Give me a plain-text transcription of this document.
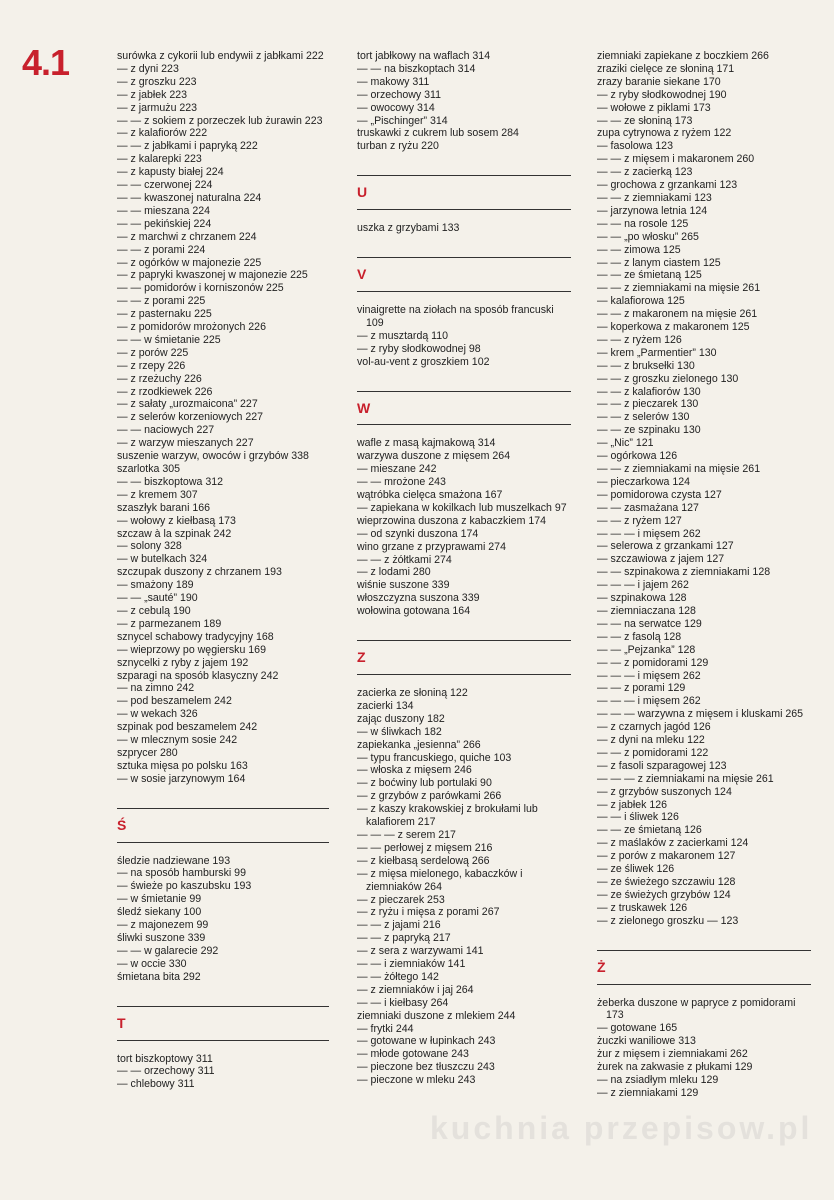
4.1	surówka z cykorii lub endywii z jabłkami 222
— z dyni 223
— z groszku 223
— z jabłek 223
— z jarmużu 223
— — z sokiem z porzeczek lub żurawin 223
— z kalafiorów 222
— — z jabłkami i papryką 222
— z kalarepki 223
— z kapusty białej 224
— — czerwonej 224
— — kwaszonej naturalna 224
— — mieszana 224
— — pekińskiej 224
— z marchwi z chrzanem 224
— — z porami 224
— z ogórków w majonezie 225
— z papryki kwaszonej w majonezie 225
— — pomidorów i korniszonów 225
— — z porami 225
— z pasternaku 225
— z pomidorów mrożonych 226
— — w śmietanie 225
— z porów 225
— z rzepy 226
— z rzeżuchy 226
— z rzodkiewek 226
— z sałaty „urozmaicona” 227
— z selerów korzeniowych 227
— — naciowych 227
— z warzyw mieszanych 227
suszenie warzyw, owoców i grzybów 338
szarlotka 305
— — biszkoptowa 312
— z kremem 307
szaszłyk barani 166
— wołowy z kiełbasą 173
szczaw à la szpinak 242
— solony 328
— w butelkach 324
szczupak duszony z chrzanem 193
— smażony 189
— — „sauté” 190
— z cebulą 190
— z parmezanem 189
sznycel schabowy tradycyjny 168
— wieprzowy po węgiersku 169
sznycelki z ryby z jajem 192
szparagi na sposób klasyczny 242
— na zimno 242
— pod beszamelem 242
— w wekach 326
szpinak pod beszamelem 242
— w mlecznym sosie 242
szprycer 280
sztuka mięsa po polsku 163
— w sosie jarzynowym 164
Ś
śledzie nadziewane 193
— na sposób hamburski 99
— świeże po kaszubsku 193
— w śmietanie 99
śledź siekany 100
— z majonezem 99
śliwki suszone 339
— — w galarecie 292
— w occie 330
śmietana bita 292
T
tort biszkoptowy 311
— — orzechowy 311
— chlebowy 311
tort jabłkowy na waflach 314
— — na biszkoptach 314
— makowy 311
— orzechowy 311
— owocowy 314
— „Pischinger” 314
truskawki z cukrem lub sosem 284
turban z ryżu 220
U
uszka z grzybami 133
V
vinaigrette na ziołach na sposób francuski 109
— z musztardą 110
— z ryby słodkowodnej 98
vol-au-vent z groszkiem 102
W
wafle z masą kajmakową 314
warzywa duszone z mięsem 264
— mieszane 242
— — mrożone 243
wątróbka cielęca smażona 167
— zapiekana w kokilkach lub muszelkach 97
wieprzowina duszona z kabaczkiem 174
— od szynki duszona 174
wino grzane z przyprawami 274
— — z żółtkami 274
— z lodami 280
wiśnie suszone 339
włoszczyzna suszona 339
wołowina gotowana 164
Z
zacierka ze słoniną 122
zacierki 134
zając duszony 182
— w śliwkach 182
zapiekanka „jesienna” 266
— typu francuskiego, quiche 103
— włoska z mięsem 246
— z boćwiny lub portulaki 90
— z grzybów z parówkami 266
— z kaszy krakowskiej z brokułami lub kalafiorem 217
— — — z serem 217
— — perłowej z mięsem 216
— z kiełbasą serdelową 266
— z mięsa mielonego, kabaczków i ziemniaków 264
— z pieczarek 253
— z ryżu i mięsa z porami 267
— — z jajami 216
— — z papryką 217
— z sera z warzywami 141
— — i ziemniaków 141
— — żółtego 142
— z ziemniaków i jaj 264
— — i kiełbasy 264
ziemniaki duszone z mlekiem 244
— frytki 244
— gotowane w łupinkach 243
— młode gotowane 243
— pieczone bez tłuszczu 243
— pieczone w mleku 243
ziemniaki zapiekane z boczkiem 266
zraziki cielęce ze słoniną 171
zrazy baranie siekane 170
— z ryby słodkowodnej 190
— wołowe z piklami 173
— — ze słoniną 173
zupa cytrynowa z ryżem 122
— fasolowa 123
— — z mięsem i makaronem 260
— — z zacierką 123
— grochowa z grzankami 123
— — z ziemniakami 123
— jarzynowa letnia 124
— — na rosole 125
— — „po włosku” 265
— — zimowa 125
— — z lanym ciastem 125
— — ze śmietaną 125
— — z ziemniakami na mięsie 261
— kalafiorowa 125
— — z makaronem na mięsie 261
— koperkowa z makaronem 125
— — z ryżem 126
— krem „Parmentier” 130
— — z bruksełki 130
— — z groszku zielonego 130
— — z kalafiorów 130
— — z pieczarek 130
— — z selerów 130
— — ze szpinaku 130
— „Nic” 121
— ogórkowa 126
— — z ziemniakami na mięsie 261
— pieczarkowa 124
— pomidorowa czysta 127
— — zasmażana 127
— — z ryżem 127
— — — i mięsem 262
— selerowa z grzankami 127
— szczawiowa z jajem 127
— — szpinakowa z ziemniakami 128
— — — i jajem 262
— szpinakowa 128
— ziemniaczana 128
— — na serwatce 129
— — z fasolą 128
— — „Pejzanka” 128
— — z pomidorami 129
— — — i mięsem 262
— — z porami 129
— — — i mięsem 262
— — — warzywna z mięsem i kluskami 265
— z czarnych jagód 126
— z dyni na mleku 122
— — z pomidorami 122
— z fasoli szparagowej 123
— — — z ziemniakami na mięsie 261
— z grzybów suszonych 124
— z jabłek 126
— — i śliwek 126
— — ze śmietaną 126
— z maślaków z zacierkami 124
— z porów z makaronem 127
— ze śliwek 126
— ze świeżego szczawiu 128
— ze świeżych grzybów 124
— z truskawek 126
— z zielonego groszku — 123
Ż
żeberka duszone w papryce z pomidorami 173
— gotowane 165
żuczki waniliowe 313
żur z mięsem i ziemniakami 262
żurek na zakwasie z płukami 129
— na zsiadłym mleku 129
— z ziemniakami 129
kuchnia przepisow.pl
